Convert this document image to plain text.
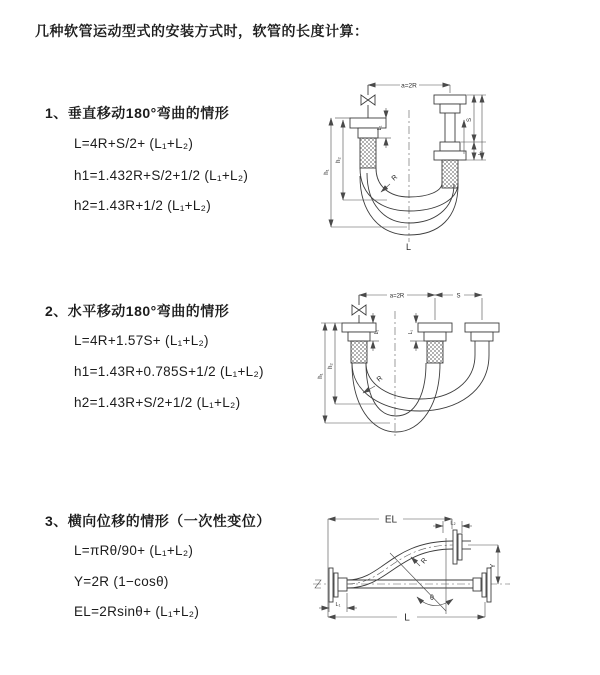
几种软管运动型式的安装方式时，软管的长度计算：
1、垂直移动180°弯曲的情形
L=4R+S/2+ (L₁+L₂)
h1=1.432R+S/2+1/2 (L₁+L₂)
h2=1.43R+1/2 (L₁+L₂)
2、水平移动180°弯曲的情形
L=4R+1.57S+ (L₁+L₂)
h1=1.43R+0.785S+1/2 (L₁+L₂)
h2=1.43R+S/2+1/2 (L₁+L₂)
3、横向位移的情形（一次性变位）
L=πRθ/90+ (L₁+L₂)
Y=2R (1−cosθ)
EL=2Rsinθ+ (L₁+L₂)
a=2R
R
L
h₁
h₂
L₁
S
L₁
a=2R	S
R
h₁
h₂
L₁	L₁
EL	L₂
Y
θ
R
L
L₁
